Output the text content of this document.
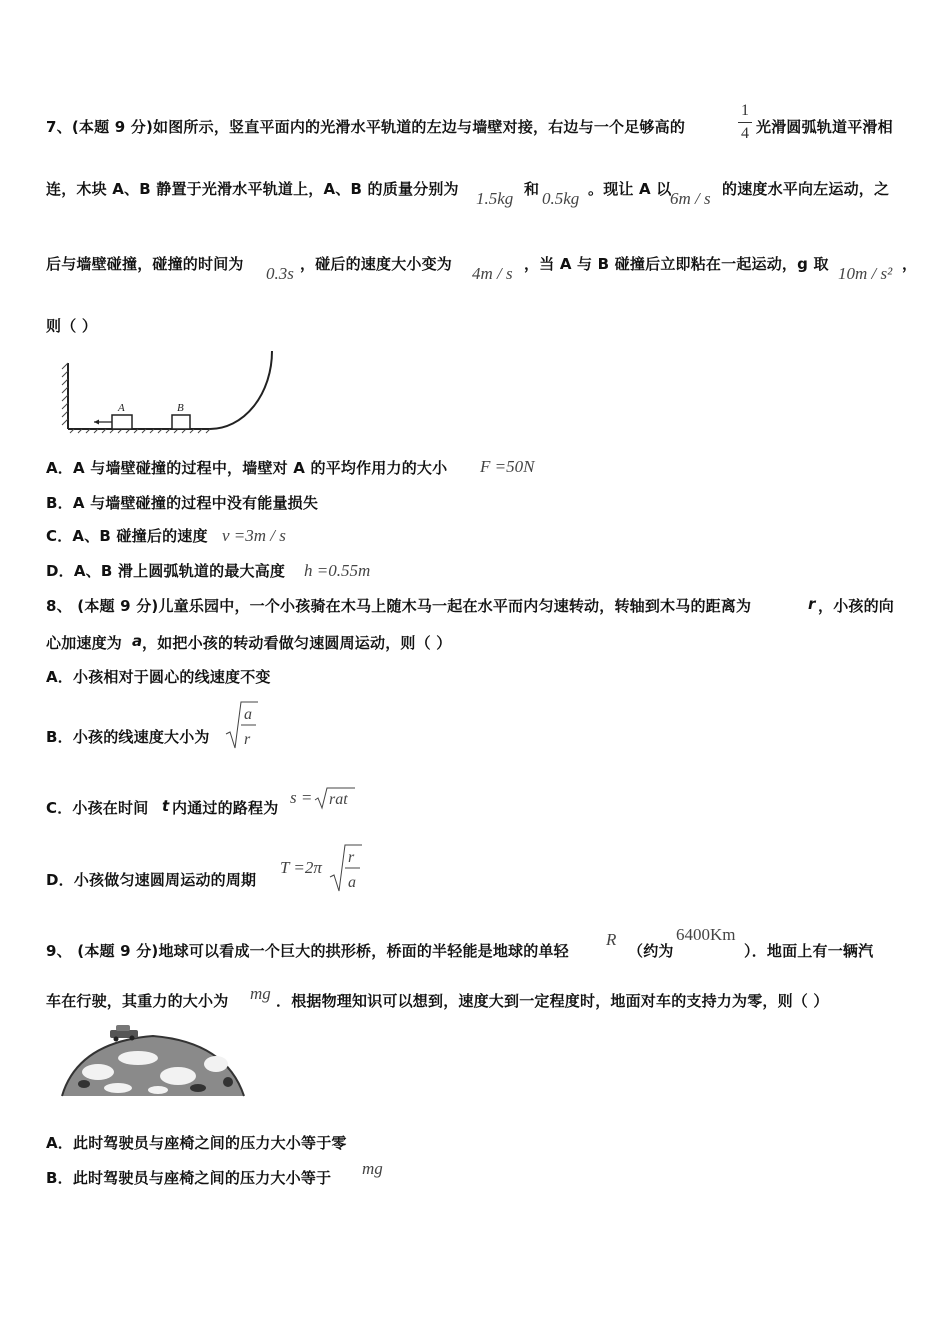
7、(本题 9 分)如图所示，竖直平面内的光滑水平轨道的左边与墙壁对接，右边与一个足够高的
1
4 光滑圆弧轨道平滑相
连，木块 A、B 静置于光滑水平轨道上，A、B 的质量分别为 1.5kg 和 0.5kg 。现让 A 以
6m / s 的速度水平向左运动，之
后与墙壁碰撞，碰撞的时间为 0.3s ，碰后的速度大小变为 4m / s ，当 A 与 B 碰撞后立即粘在一起运动，g 取 10m / s² ，
则（ ）
A	B
A．A 与墙壁碰撞的过程中，墙壁对 A 的平均作用力的大小 F =50N
B．A 与墙壁碰撞的过程中没有能量损失
C．A、B 碰撞后的速度 v =3m / s
D．A、B 滑上圆弧轨道的最大高度 h =0.55m
8、 (本题 9 分)儿童乐园中，一个小孩骑在木马上随木马一起在水平而内匀速转动，转轴到木马的距离为	r ，小孩的向
心加速度为 a ，如把小孩的转动看做匀速圆周运动，则（ ）
A．小孩相对于圆心的线速度不变
B．小孩的线速度大小为
a
r
C．小孩在时间 t 内通过的路程为
s = rat
D．小孩做匀速圆周运动的周期
T =2π
r
a
9、 (本题 9 分)地球可以看成一个巨大的拱形桥，桥面的半轻能是地球的单轻
R
（约为
6400Km
）．地面上有一辆汽
车在行驶，其重力的大小为 mg ．根据物理知识可以想到，速度大到一定程度时，地面对车的支持力为零，则（ ）
A．此时驾驶员与座椅之间的压力大小等于零
B．此时驾驶员与座椅之间的压力大小等于 mg
